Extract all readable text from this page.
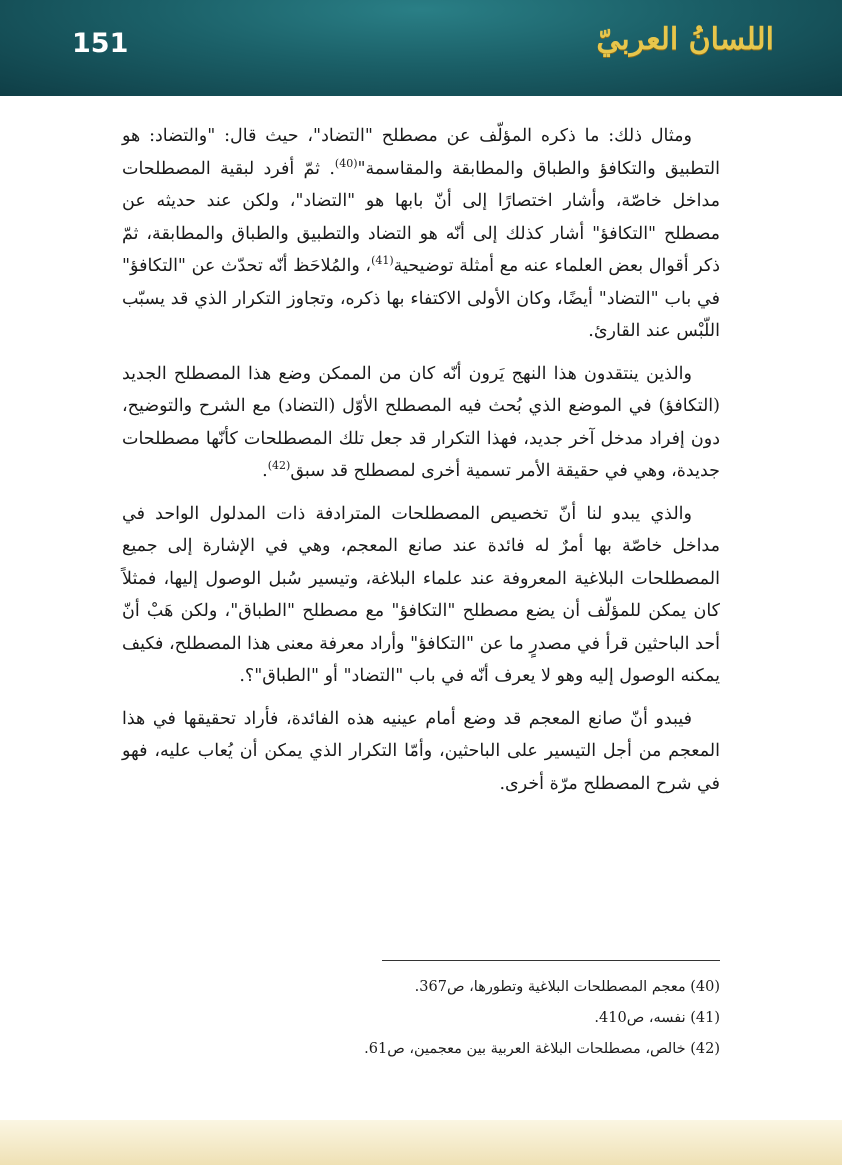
151	اللسانُ العربيّ

ومثال ذلك: ما ذكره المؤلّف عن مصطلح "التضاد"، حيث قال: "والتضاد: هو التطبيق والتكافؤ والطباق والمطابقة والمقاسمة"$^{(40)}$. ثمّ أفرد لبقية المصطلحات مداخل خاصّة، وأشار اختصارًا إلى أنّ بابها هو "التضاد"، ولكن عند حديثه عن مصطلح "التكافؤ" أشار كذلك إلى أنّه هو التضاد والتطبيق والطباق والمطابقة، ثمّ ذكر أقوال بعض العلماء عنه مع أمثلة توضيحية$^{(41)}$، والمُلاحَظ أنّه تحدّث عن "التكافؤ" في باب "التضاد" أيضًا، وكان الأولى الاكتفاء بها ذكره، وتجاوز التكرار الذي قد يسبّب اللّبْس عند القارئ.

والذين ينتقدون هذا النهج يَرون أنّه كان من الممكن وضع هذا المصطلح الجديد (التكافؤ) في الموضع الذي بُحث فيه المصطلح الأوّل (التضاد) مع الشرح والتوضيح، دون إفراد مدخل آخر جديد، فهذا التكرار قد جعل تلك المصطلحات كأنّها مصطلحات جديدة، وهي في حقيقة الأمر تسمية أخرى لمصطلح قد سبق$^{(42)}$.

والذي يبدو لنا أنّ تخصيص المصطلحات المترادفة ذات المدلول الواحد في مداخل خاصّة بها أمرٌ له فائدة عند صانع المعجم، وهي في الإشارة إلى جميع المصطلحات البلاغية المعروفة عند علماء البلاغة، وتيسير سُبل الوصول إليها، فمثلاً كان يمكن للمؤلّف أن يضع مصطلح "التكافؤ" مع مصطلح "الطباق"، ولكن هَبْ أنّ أحد الباحثين قرأ في مصدرٍ ما عن "التكافؤ" وأراد معرفة معنى هذا المصطلح، فكيف يمكنه الوصول إليه وهو لا يعرف أنّه في باب "التضاد" أو "الطباق"؟.

فيبدو أنّ صانع المعجم قد وضع أمام عينيه هذه الفائدة، فأراد تحقيقها في هذا المعجم من أجل التيسير على الباحثين، وأمّا التكرار الذي يمكن أن يُعاب عليه، فهو في شرح المصطلح مرّة أخرى.

(40) معجم المصطلحات البلاغية وتطورها، ص367.

(41) نفسه، ص410.

(42) خالص، مصطلحات البلاغة العربية بين معجمين، ص61.
